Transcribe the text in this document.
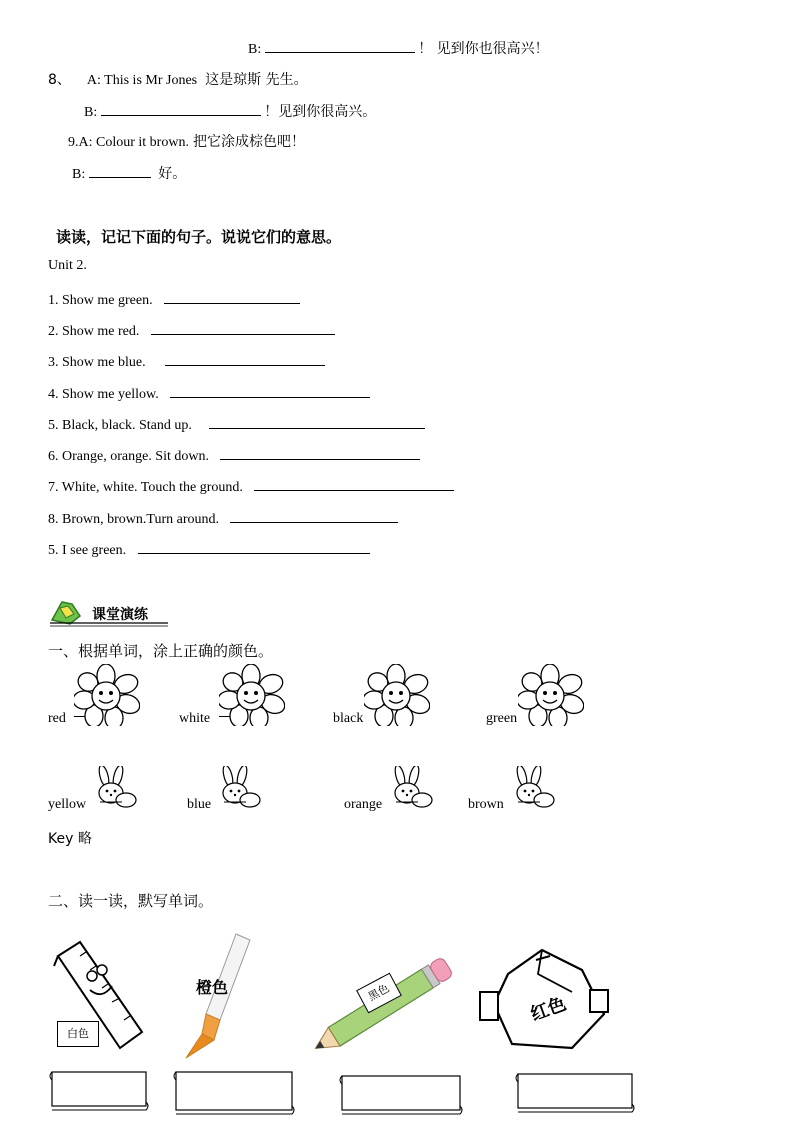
B:	！ 见到你也很高兴！
8、 A: This is Mr Jones 这是琼斯 先生。
B:	！见到你很高兴。
9.A: Colour it brown. 把它涂成棕色吧！
B:	好。
读读，记记下面的句子。说说它们的意思。
Unit 2.
1. Show me green.
2. Show me red.
3. Show me blue.
4. Show me yellow.
5. Black, black. Stand up.
6. Orange, orange. Sit down.
7. White, white. Touch the ground.
8. Brown, brown.Turn around.
5. I see green.
课堂演练
一、根据单词，涂上正确的颜色。
red	white	black	green
yellow	blue	orange	brown
Key 略
二、读一读，默写单词。
白色
橙色	黑色
红色
